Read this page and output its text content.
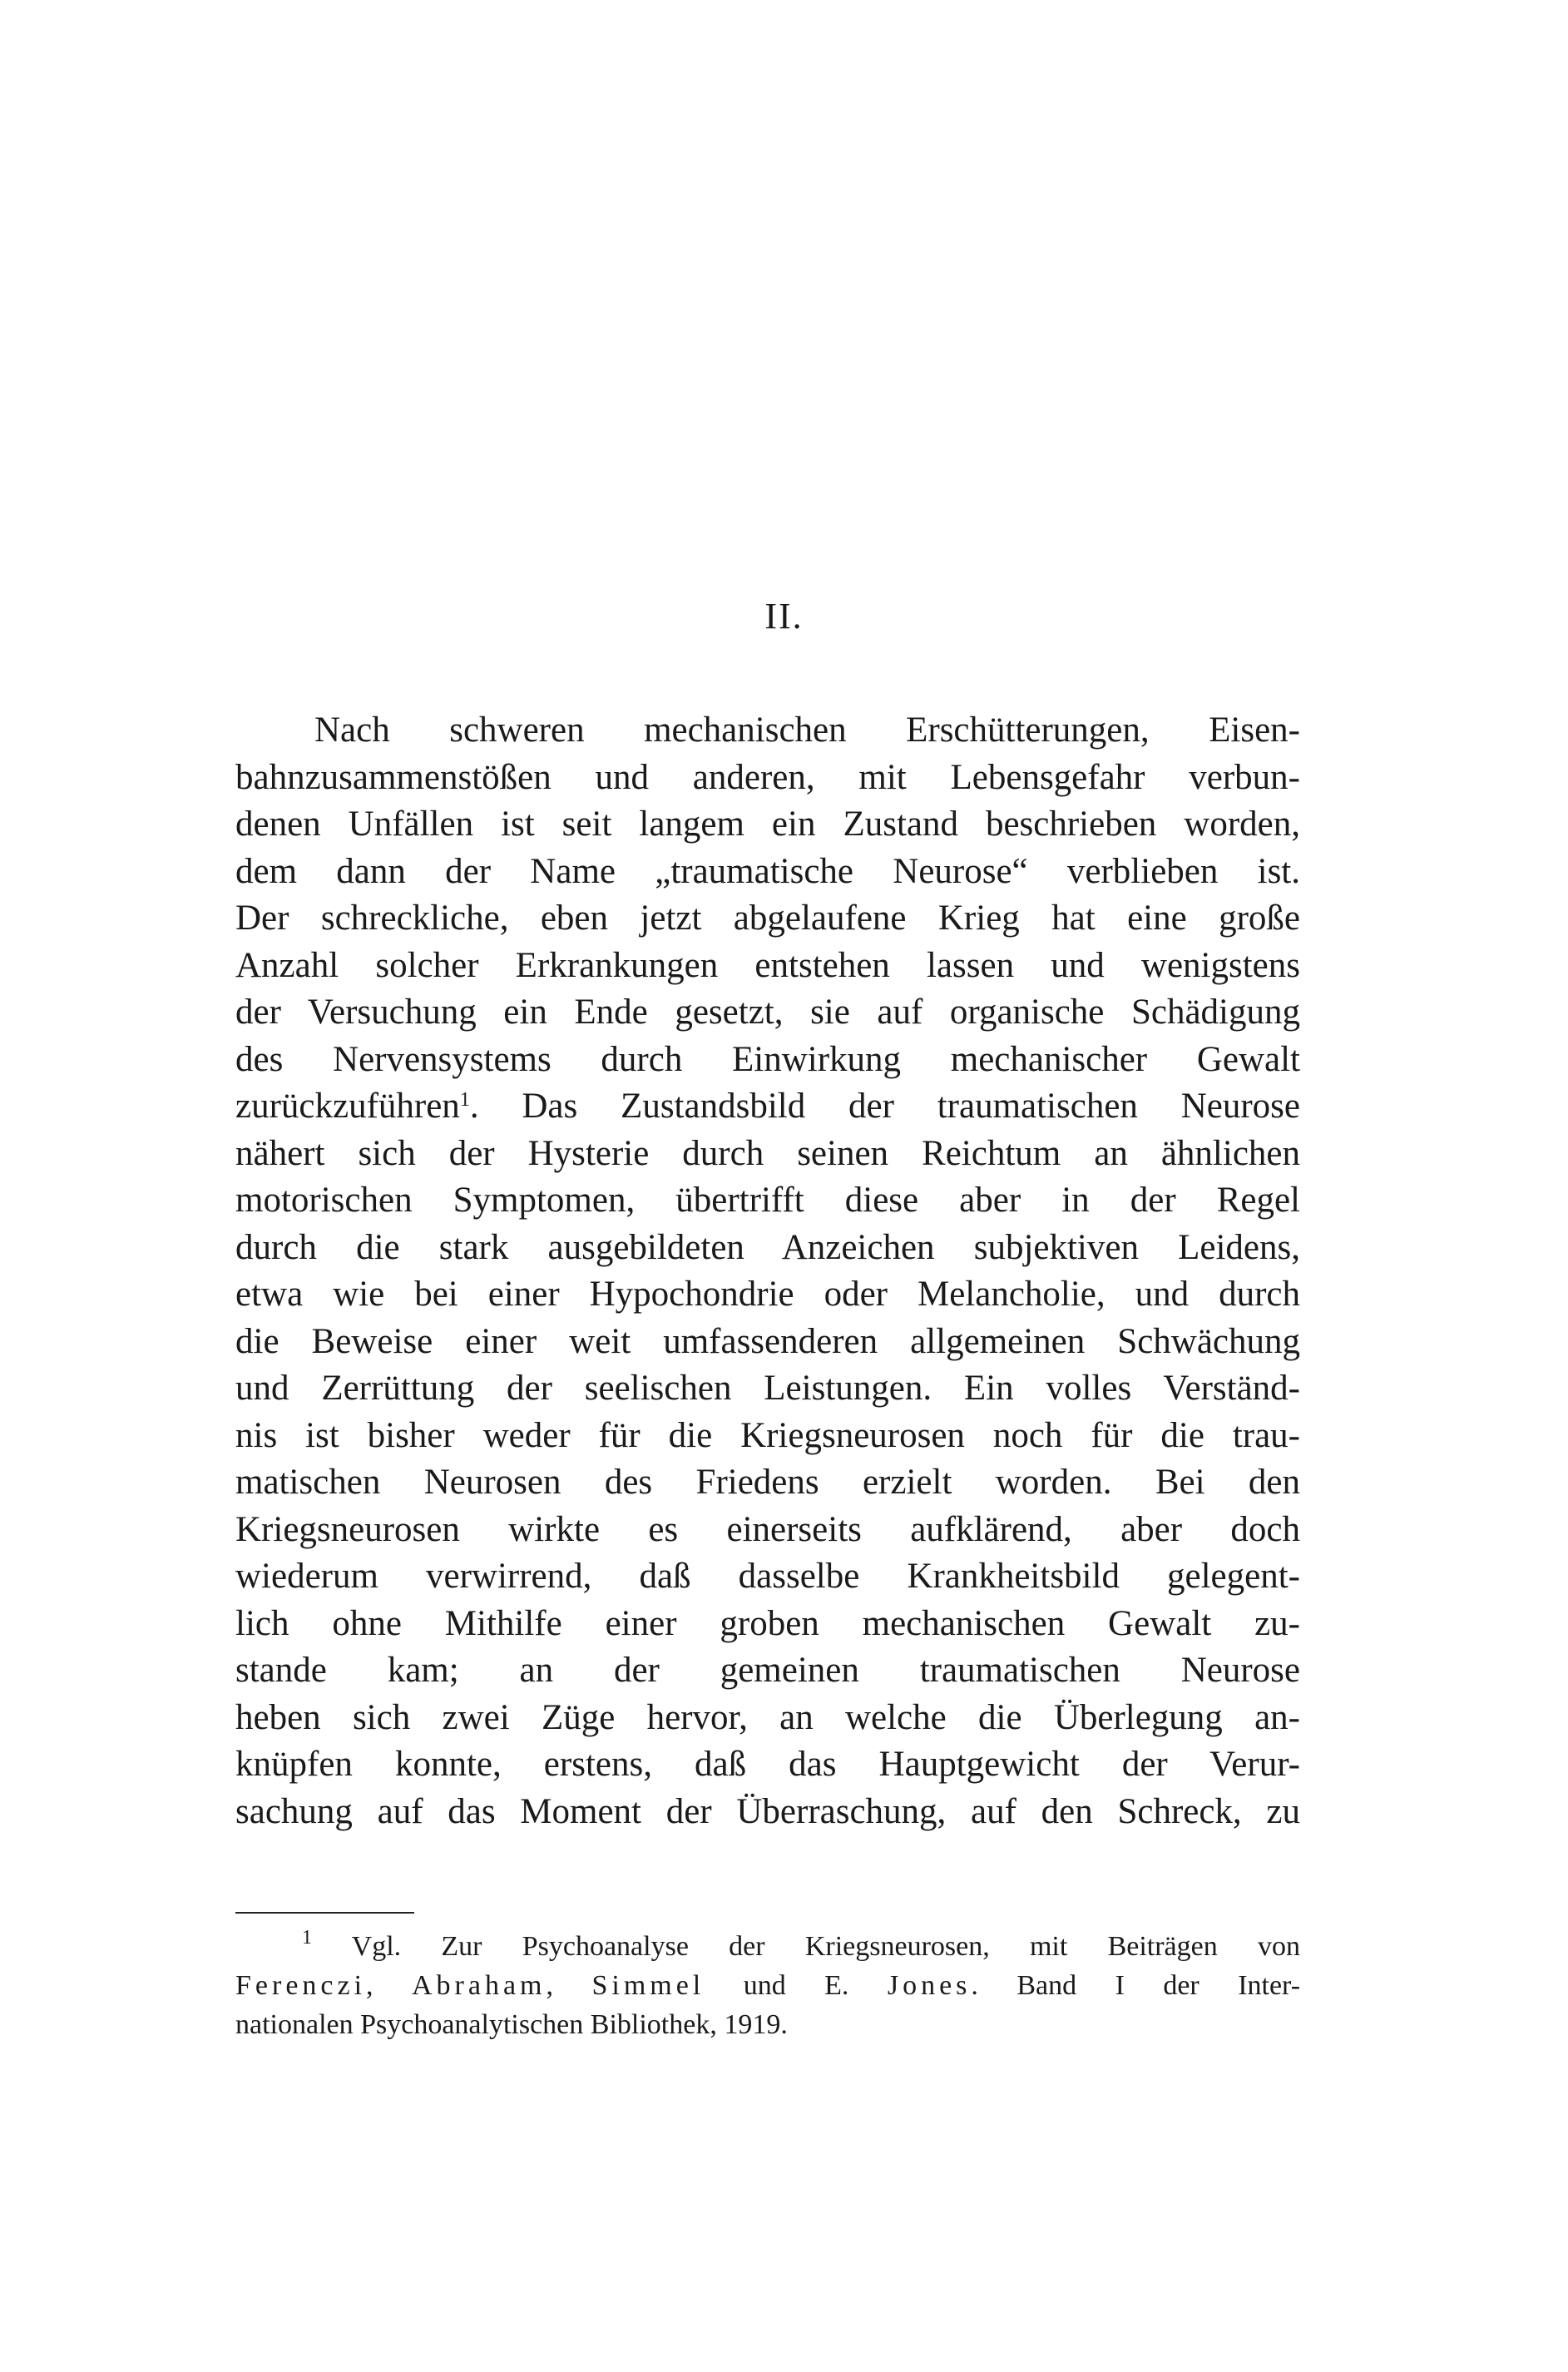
II.
Nach schweren mechanischen Erschütterungen, Eisen-
bahnzusammenstößen und anderen, mit Lebensgefahr verbun-
denen Unfällen ist seit langem ein Zustand beschrieben worden,
dem dann der Name „traumatische Neurose“ verblieben ist.
Der schreckliche, eben jetzt abgelaufene Krieg hat eine große
Anzahl solcher Erkrankungen entstehen lassen und wenigstens
der Versuchung ein Ende gesetzt, sie auf organische Schädigung
des Nervensystems durch Einwirkung mechanischer Gewalt
zurückzuführen$^1$. Das Zustandsbild der traumatischen Neurose
nähert sich der Hysterie durch seinen Reichtum an ähnlichen
motorischen Symptomen, übertrifft diese aber in der Regel
durch die stark ausgebildeten Anzeichen subjektiven Leidens,
etwa wie bei einer Hypochondrie oder Melancholie, und durch
die Beweise einer weit umfassenderen allgemeinen Schwächung
und Zerrüttung der seelischen Leistungen. Ein volles Verständ-
nis ist bisher weder für die Kriegsneurosen noch für die trau-
matischen Neurosen des Friedens erzielt worden. Bei den
Kriegsneurosen wirkte es einerseits aufklärend, aber doch
wiederum verwirrend, daß dasselbe Krankheitsbild gelegent-
lich ohne Mithilfe einer groben mechanischen Gewalt zu-
stande kam; an der gemeinen traumatischen Neurose
heben sich zwei Züge hervor, an welche die Überlegung an-
knüpfen konnte, erstens, daß das Hauptgewicht der Verur-
sachung auf das Moment der Überraschung, auf den Schreck, zu
$^1$ Vgl. Zur Psychoanalyse der Kriegsneurosen, mit Beiträgen von
Ferenczi, Abraham, Simmel und E. Jones. Band I der Inter-
nationalen Psychoanalytischen Bibliothek, 1919.
